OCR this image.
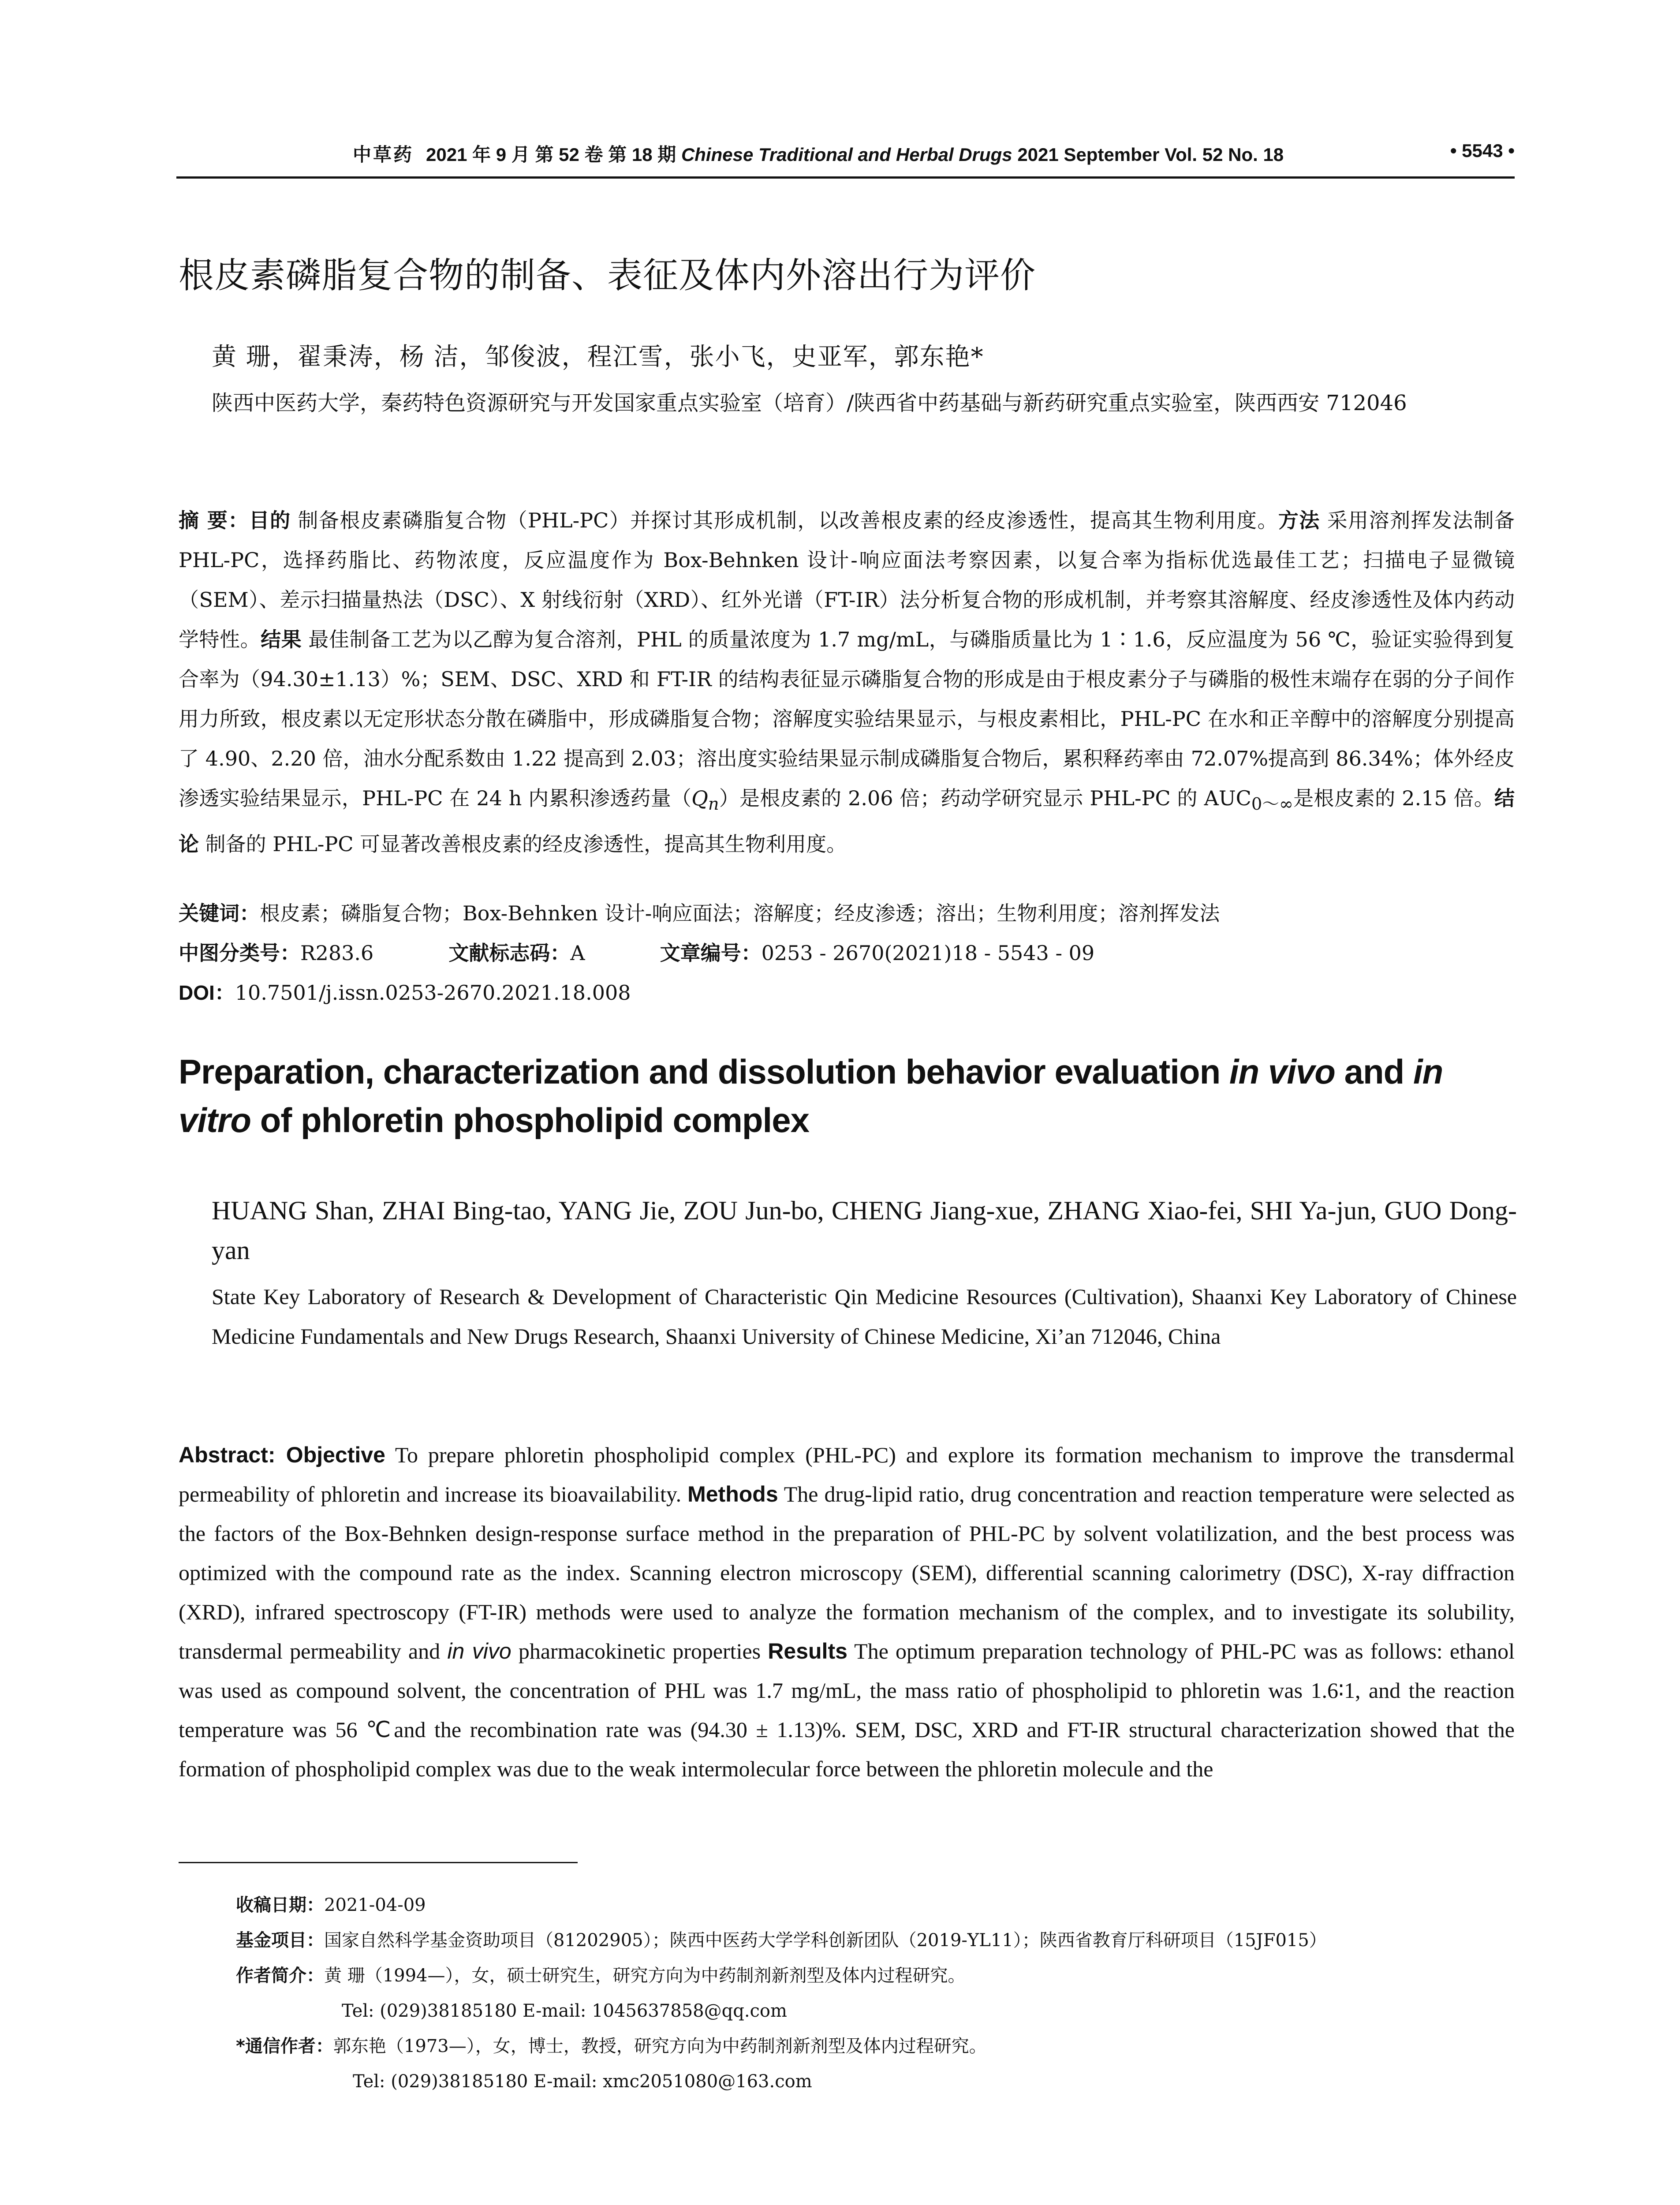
中草药 2021 年 9 月 第 52 卷 第 18 期 Chinese Traditional and Herbal Drugs 2021 September Vol. 52 No. 18	• 5543 •
根皮素磷脂复合物的制备、表征及体内外溶出行为评价
黄 珊，翟秉涛，杨 洁，邹俊波，程江雪，张小飞，史亚军，郭东艳*
陕西中医药大学，秦药特色资源研究与开发国家重点实验室（培育）/陕西省中药基础与新药研究重点实验室，陕西西安 712046
摘 要：目的 制备根皮素磷脂复合物（PHL-PC）并探讨其形成机制，以改善根皮素的经皮渗透性，提高其生物利用度。方法 采用溶剂挥发法制备 PHL-PC，选择药脂比、药物浓度，反应温度作为 Box-Behnken 设计-响应面法考察因素，以复合率为指标优选最佳工艺；扫描电子显微镜（SEM）、差示扫描量热法（DSC）、X 射线衍射（XRD）、红外光谱（FT-IR）法分析复合物的形成机制，并考察其溶解度、经皮渗透性及体内药动学特性。结果 最佳制备工艺为以乙醇为复合溶剂，PHL 的质量浓度为 1.7 mg/mL，与磷脂质量比为 1∶1.6，反应温度为 56 ℃，验证实验得到复合率为（94.30±1.13）%；SEM、DSC、XRD 和 FT-IR 的结构表征显示磷脂复合物的形成是由于根皮素分子与磷脂的极性末端存在弱的分子间作用力所致，根皮素以无定形状态分散在磷脂中，形成磷脂复合物；溶解度实验结果显示，与根皮素相比，PHL-PC 在水和正辛醇中的溶解度分别提高了 4.90、2.20 倍，油水分配系数由 1.22 提高到 2.03；溶出度实验结果显示制成磷脂复合物后，累积释药率由 72.07%提高到 86.34%；体外经皮渗透实验结果显示，PHL-PC 在 24 h 内累积渗透药量$(Q_n)$是根皮素的 2.06 倍；药动学研究显示 PHL-PC 的 $AUC_{0\sim\infty}$是根皮素的 2.15 倍。结论 制备的 PHL-PC 可显著改善根皮素的经皮渗透性，提高其生物利用度。
关键词：根皮素；磷脂复合物；Box-Behnken 设计-响应面法；溶解度；经皮渗透；溶出；生物利用度；溶剂挥发法
中图分类号：R283.6	文献标志码：A	文章编号：0253 - 2670(2021)18 - 5543 - 09
DOI：10.7501/j.issn.0253-2670.2021.18.008
Preparation, characterization and dissolution behavior evaluation in vivo and in vitro of phloretin phospholipid complex
HUANG Shan, ZHAI Bing-tao, YANG Jie, ZOU Jun-bo, CHENG Jiang-xue, ZHANG Xiao-fei, SHI Ya-jun, GUO Dong-yan
State Key Laboratory of Research & Development of Characteristic Qin Medicine Resources (Cultivation), Shaanxi Key Laboratory of Chinese Medicine Fundamentals and New Drugs Research, Shaanxi University of Chinese Medicine, Xi’an 712046, China
Abstract: Objective To prepare phloretin phospholipid complex (PHL-PC) and explore its formation mechanism to improve the transdermal permeability of phloretin and increase its bioavailability. Methods The drug-lipid ratio, drug concentration and reaction temperature were selected as the factors of the Box-Behnken design-response surface method in the preparation of PHL-PC by solvent volatilization, and the best process was optimized with the compound rate as the index. Scanning electron microscopy (SEM), differential scanning calorimetry (DSC), X-ray diffraction (XRD), infrared spectroscopy (FT-IR) methods were used to analyze the formation mechanism of the complex, and to investigate its solubility, transdermal permeability and in vivo pharmacokinetic properties Results The optimum preparation technology of PHL-PC was as follows: ethanol was used as compound solvent, the concentration of PHL was 1.7 mg/mL, the mass ratio of phospholipid to phloretin was 1.6∶1, and the reaction temperature was 56 ℃and the recombination rate was (94.30 ± 1.13)%. SEM, DSC, XRD and FT-IR structural characterization showed that the formation of phospholipid complex was due to the weak intermolecular force between the phloretin molecule and the
收稿日期：2021-04-09
基金项目：国家自然科学基金资助项目（81202905）；陕西中医药大学学科创新团队（2019-YL11）；陕西省教育厅科研项目（15JF015）
作者简介：黄 珊（1994—），女，硕士研究生，研究方向为中药制剂新剂型及体内过程研究。
Tel: (029)38185180 E-mail: 1045637858@qq.com
*通信作者：郭东艳（1973—），女，博士，教授，研究方向为中药制剂新剂型及体内过程研究。
Tel: (029)38185180 E-mail: xmc2051080@163.com
